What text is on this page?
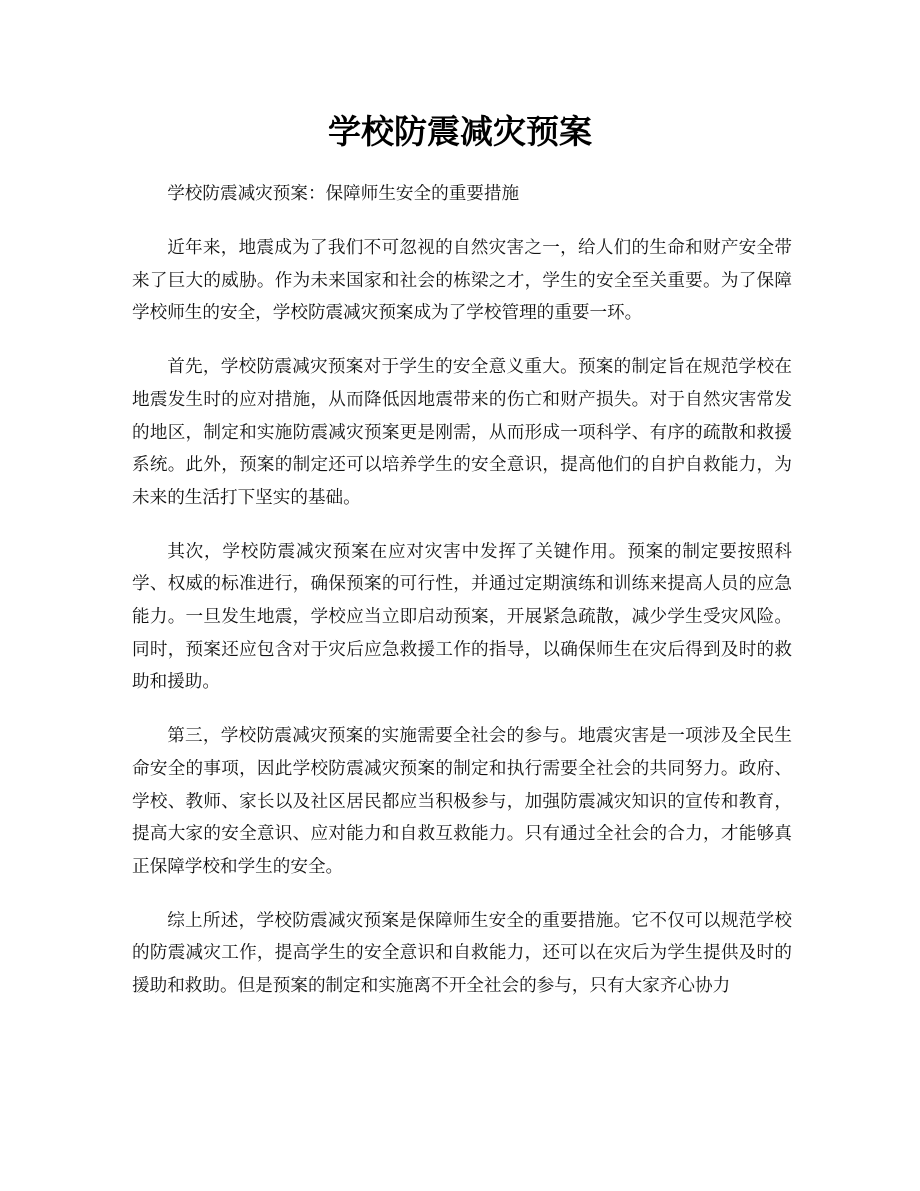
学校防震减灾预案

学校防震减灾预案：保障师生安全的重要措施

近年来，地震成为了我们不可忽视的自然灾害之一，给人们的生命和财产安全带来了巨大的威胁。作为未来国家和社会的栋梁之才，学生的安全至关重要。为了保障学校师生的安全，学校防震减灾预案成为了学校管理的重要一环。

首先，学校防震减灾预案对于学生的安全意义重大。预案的制定旨在规范学校在地震发生时的应对措施，从而降低因地震带来的伤亡和财产损失。对于自然灾害常发的地区，制定和实施防震减灾预案更是刚需，从而形成一项科学、有序的疏散和救援系统。此外，预案的制定还可以培养学生的安全意识，提高他们的自护自救能力，为未来的生活打下坚实的基础。

其次，学校防震减灾预案在应对灾害中发挥了关键作用。预案的制定要按照科学、权威的标准进行，确保预案的可行性，并通过定期演练和训练来提高人员的应急能力。一旦发生地震，学校应当立即启动预案，开展紧急疏散，减少学生受灾风险。同时，预案还应包含对于灾后应急救援工作的指导，以确保师生在灾后得到及时的救助和援助。

第三，学校防震减灾预案的实施需要全社会的参与。地震灾害是一项涉及全民生命安全的事项，因此学校防震减灾预案的制定和执行需要全社会的共同努力。政府、学校、教师、家长以及社区居民都应当积极参与，加强防震减灾知识的宣传和教育，提高大家的安全意识、应对能力和自救互救能力。只有通过全社会的合力，才能够真正保障学校和学生的安全。

综上所述，学校防震减灾预案是保障师生安全的重要措施。它不仅可以规范学校的防震减灾工作，提高学生的安全意识和自救能力，还可以在灾后为学生提供及时的援助和救助。但是预案的制定和实施离不开全社会的参与，只有大家齐心协力
